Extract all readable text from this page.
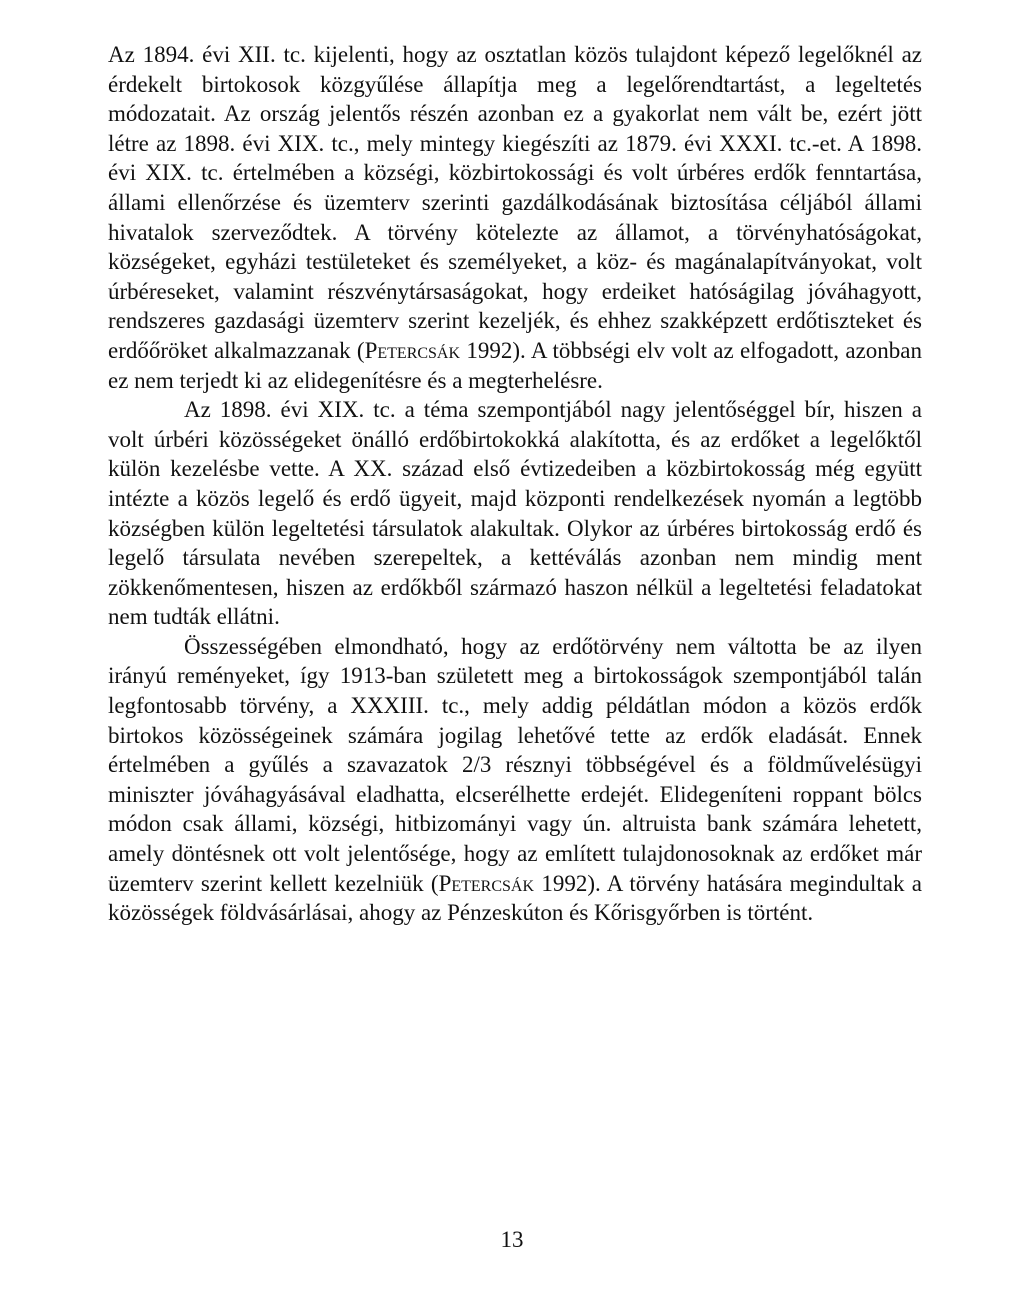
Az 1894. évi XII. tc. kijelenti, hogy az osztatlan közös tulajdont képező legelőknél az érdekelt birtokosok közgyűlése állapítja meg a legelőrendtartást, a legeltetés módozatait. Az ország jelentős részén azonban ez a gyakorlat nem vált be, ezért jött létre az 1898. évi XIX. tc., mely mintegy kiegészíti az 1879. évi XXXI. tc.-et. A 1898. évi XIX. tc. értelmében a községi, közbirtokossági és volt úrbéres erdők fenntartása, állami ellenőrzése és üzemterv szerinti gazdálkodásának biztosítása céljából állami hivatalok szerveződtek. A törvény kötelezte az államot, a törvényhatóságokat, községeket, egyházi testületeket és személyeket, a köz- és magánalapítványokat, volt úrbéreseket, valamint részvénytársaságokat, hogy erdeiket hatóságilag jóváhagyott, rendszeres gazdasági üzemterv szerint kezeljék, és ehhez szakképzett erdőtiszteket és erdőőröket alkalmazzanak (Petercsák 1992). A többségi elv volt az elfogadott, azonban ez nem terjedt ki az elidegenítésre és a megterhelésre.

Az 1898. évi XIX. tc. a téma szempontjából nagy jelentőséggel bír, hiszen a volt úrbéri közösségeket önálló erdőbirtokokká alakította, és az erdőket a legelőktől külön kezelésbe vette. A XX. század első évtizedeiben a közbirtokosság még együtt intézte a közös legelő és erdő ügyeit, majd központi rendelkezések nyomán a legtöbb községben külön legeltetési társulatok alakultak. Olykor az úrbéres birtokosság erdő és legelő társulata nevében szerepeltek, a kettéválás azonban nem mindig ment zökkenőmentesen, hiszen az erdőkből származó haszon nélkül a legeltetési feladatokat nem tudták ellátni.

Összességében elmondható, hogy az erdőtörvény nem váltotta be az ilyen irányú reményeket, így 1913-ban született meg a birtokosságok szempontjából talán legfontosabb törvény, a XXXIII. tc., mely addig példátlan módon a közös erdők birtokos közösségeinek számára jogilag lehetővé tette az erdők eladását. Ennek értelmében a gyűlés a szavazatok 2/3 résznyi többségével és a földművelésügyi miniszter jóváhagyásával eladhatta, elcserélhette erdejét. Elidegeníteni roppant bölcs módon csak állami, községi, hitbizományi vagy ún. altruista bank számára lehetett, amely döntésnek ott volt jelentősége, hogy az említett tulajdonosoknak az erdőket már üzemterv szerint kellett kezelniük (Petercsák 1992). A törvény hatására megindultak a közösségek földvásárlásai, ahogy az Pénzeskúton és Kőrisgyőrben is történt.

13
